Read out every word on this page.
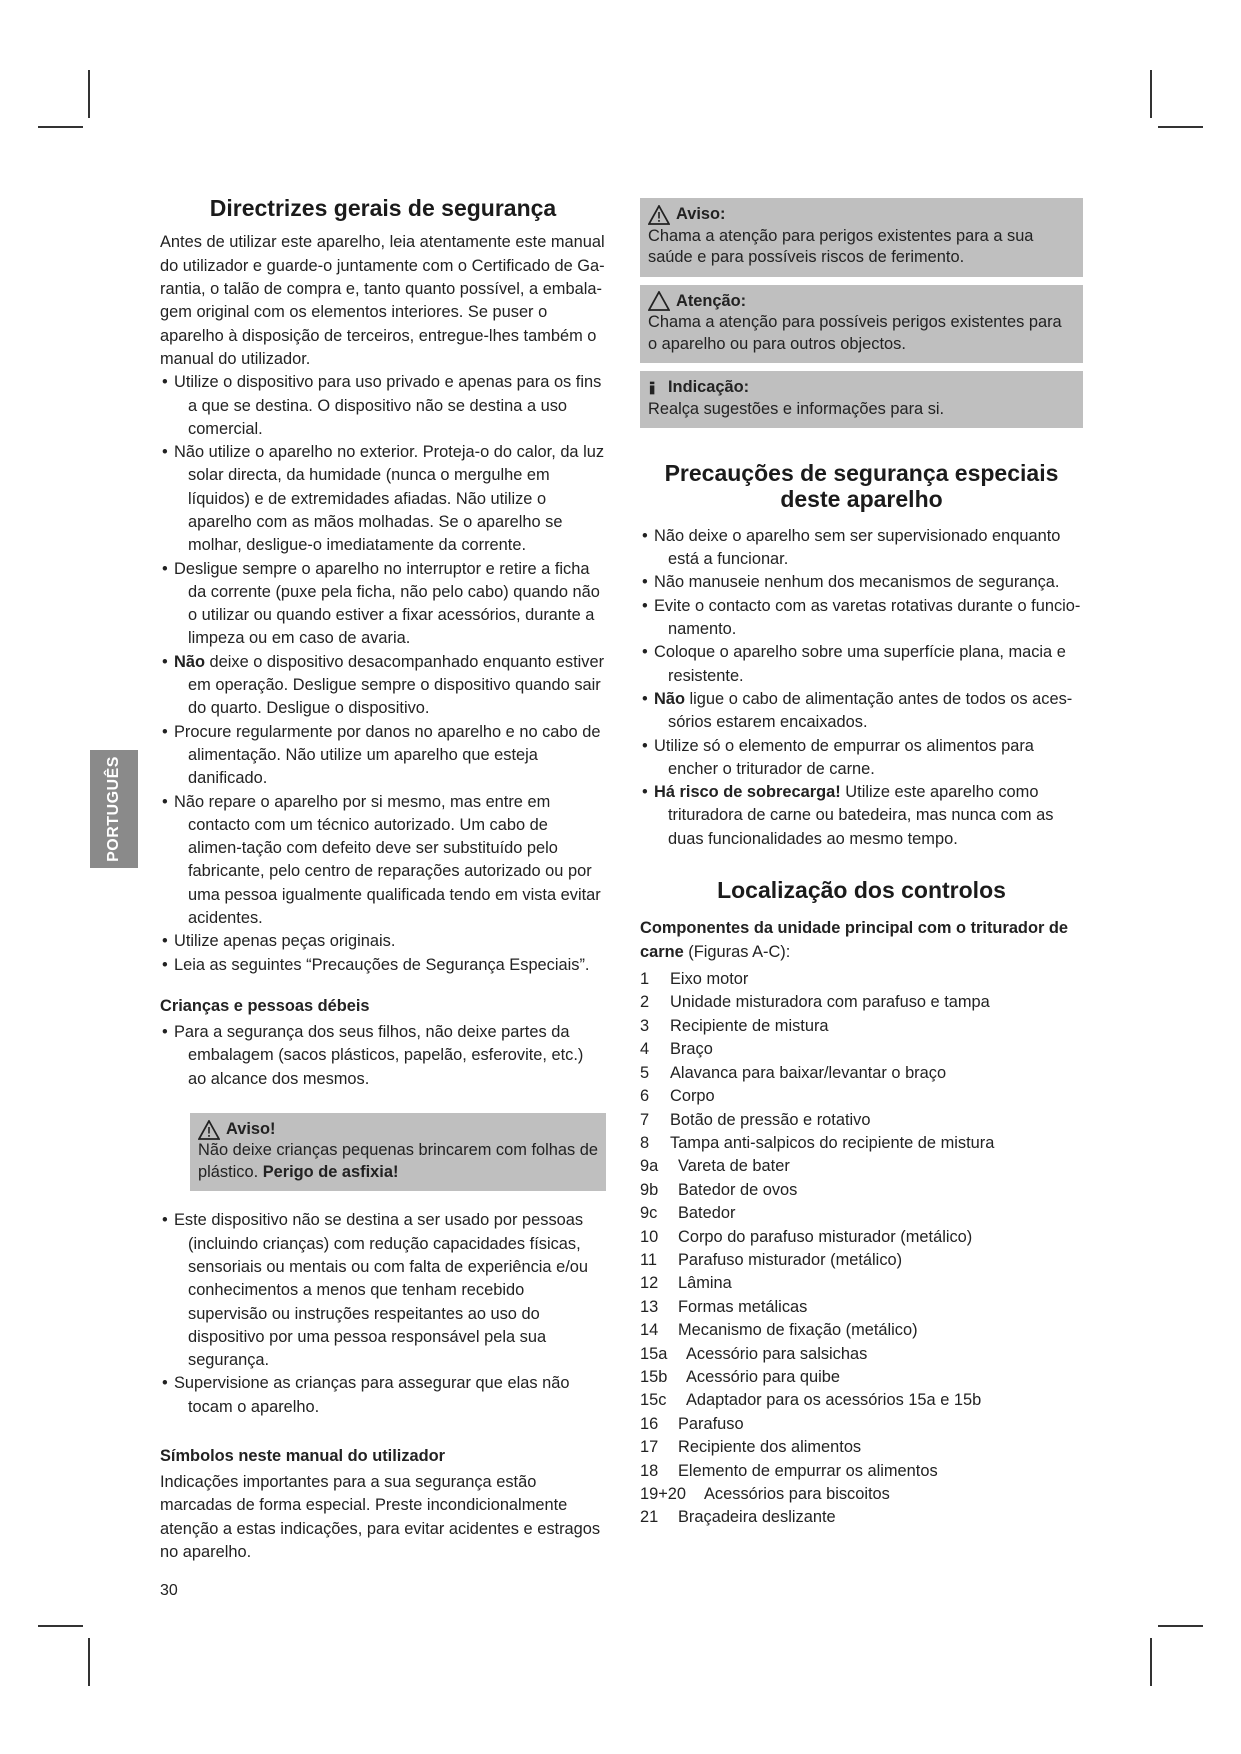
PORTUGUÊS
Directrizes gerais de segurança

Antes de utilizar este aparelho, leia atentamente este manual do utilizador e guarde-o juntamente com o Certificado de Ga-rantia, o talão de compra e, tanto quanto possível, a embala-gem original com os elementos interiores. Se puser o aparelho à disposição de terceiros, entregue-lhes também o manual do utilizador.

• Utilize o dispositivo para uso privado e apenas para os fins a que se destina. O dispositivo não se destina a uso comercial.
• Não utilize o aparelho no exterior. Proteja-o do calor, da luz solar directa, da humidade (nunca o mergulhe em líquidos) e de extremidades afiadas. Não utilize o aparelho com as mãos molhadas. Se o aparelho se molhar, desligue-o imediatamente da corrente.
• Desligue sempre o aparelho no interruptor e retire a ficha da corrente (puxe pela ficha, não pelo cabo) quando não o utilizar ou quando estiver a fixar acessórios, durante a limpeza ou em caso de avaria.
• Não deixe o dispositivo desacompanhado enquanto estiver em operação. Desligue sempre o dispositivo quando sair do quarto. Desligue o dispositivo.
• Procure regularmente por danos no aparelho e no cabo de alimentação. Não utilize um aparelho que esteja danificado.
• Não repare o aparelho por si mesmo, mas entre em contacto com um técnico autorizado. Um cabo de alimen-tação com defeito deve ser substituído pelo fabricante, pelo centro de reparações autorizado ou por uma pessoa igualmente qualificada tendo em vista evitar acidentes.
• Utilize apenas peças originais.
• Leia as seguintes “Precauções de Segurança Especiais”.
Crianças e pessoas débeis
• Para a segurança dos seus filhos, não deixe partes da embalagem (sacos plásticos, papelão, esferovite, etc.) ao alcance dos mesmos.
Aviso!
Não deixe crianças pequenas brincarem com folhas de plástico. Perigo de asfixia!
• Este dispositivo não se destina a ser usado por pessoas (incluindo crianças) com redução capacidades físicas, sensoriais ou mentais ou com falta de experiência e/ou conhecimentos a menos que tenham recebido supervisão ou instruções respeitantes ao uso do dispositivo por uma pessoa responsável pela sua segurança.
• Supervisione as crianças para assegurar que elas não tocam o aparelho.
Símbolos neste manual do utilizador

Indicações importantes para a sua segurança estão marcadas de forma especial. Preste incondicionalmente atenção a estas indicações, para evitar acidentes e estragos no aparelho.

Aviso:
Chama a atenção para perigos existentes para a sua saúde e para possíveis riscos de ferimento.
Atenção:
Chama a atenção para possíveis perigos existentes para o aparelho ou para outros objectos.
Indicação:
Realça sugestões e informações para si.
Precauções de segurança especiais
deste aparelho
• Não deixe o aparelho sem ser supervisionado enquanto está a funcionar.
• Não manuseie nenhum dos mecanismos de segurança.
• Evite o contacto com as varetas rotativas durante o funcio-namento.
• Coloque o aparelho sobre uma superfície plana, macia e resistente.
• Não ligue o cabo de alimentação antes de todos os aces-sórios estarem encaixados.
• Utilize só o elemento de empurrar os alimentos para encher o triturador de carne.
• Há risco de sobrecarga! Utilize este aparelho como trituradora de carne ou batedeira, mas nunca com as duas funcionalidades ao mesmo tempo.
Localização dos controlos

Componentes da unidade principal com o triturador de carne (Figuras A-C):

1	Eixo motor
2	Unidade misturadora com parafuso e tampa
3	Recipiente de mistura
4	Braço
5	Alavanca para baixar/levantar o braço
6	Corpo
7	Botão de pressão e rotativo
8	Tampa anti-salpicos do recipiente de mistura
9a	Vareta de bater
9b	Batedor de ovos
9c	Batedor
10	Corpo do parafuso misturador (metálico)
11	Parafuso misturador (metálico)
12	Lâmina
13	Formas metálicas
14	Mecanismo de fixação (metálico)
15a	Acessório para salsichas
15b	Acessório para quibe
15c	Adaptador para os acessórios 15a e 15b
16	Parafuso
17	Recipiente dos alimentos
18	Elemento de empurrar os alimentos
19+20	Acessórios para biscoitos
21	Braçadeira deslizante
30
